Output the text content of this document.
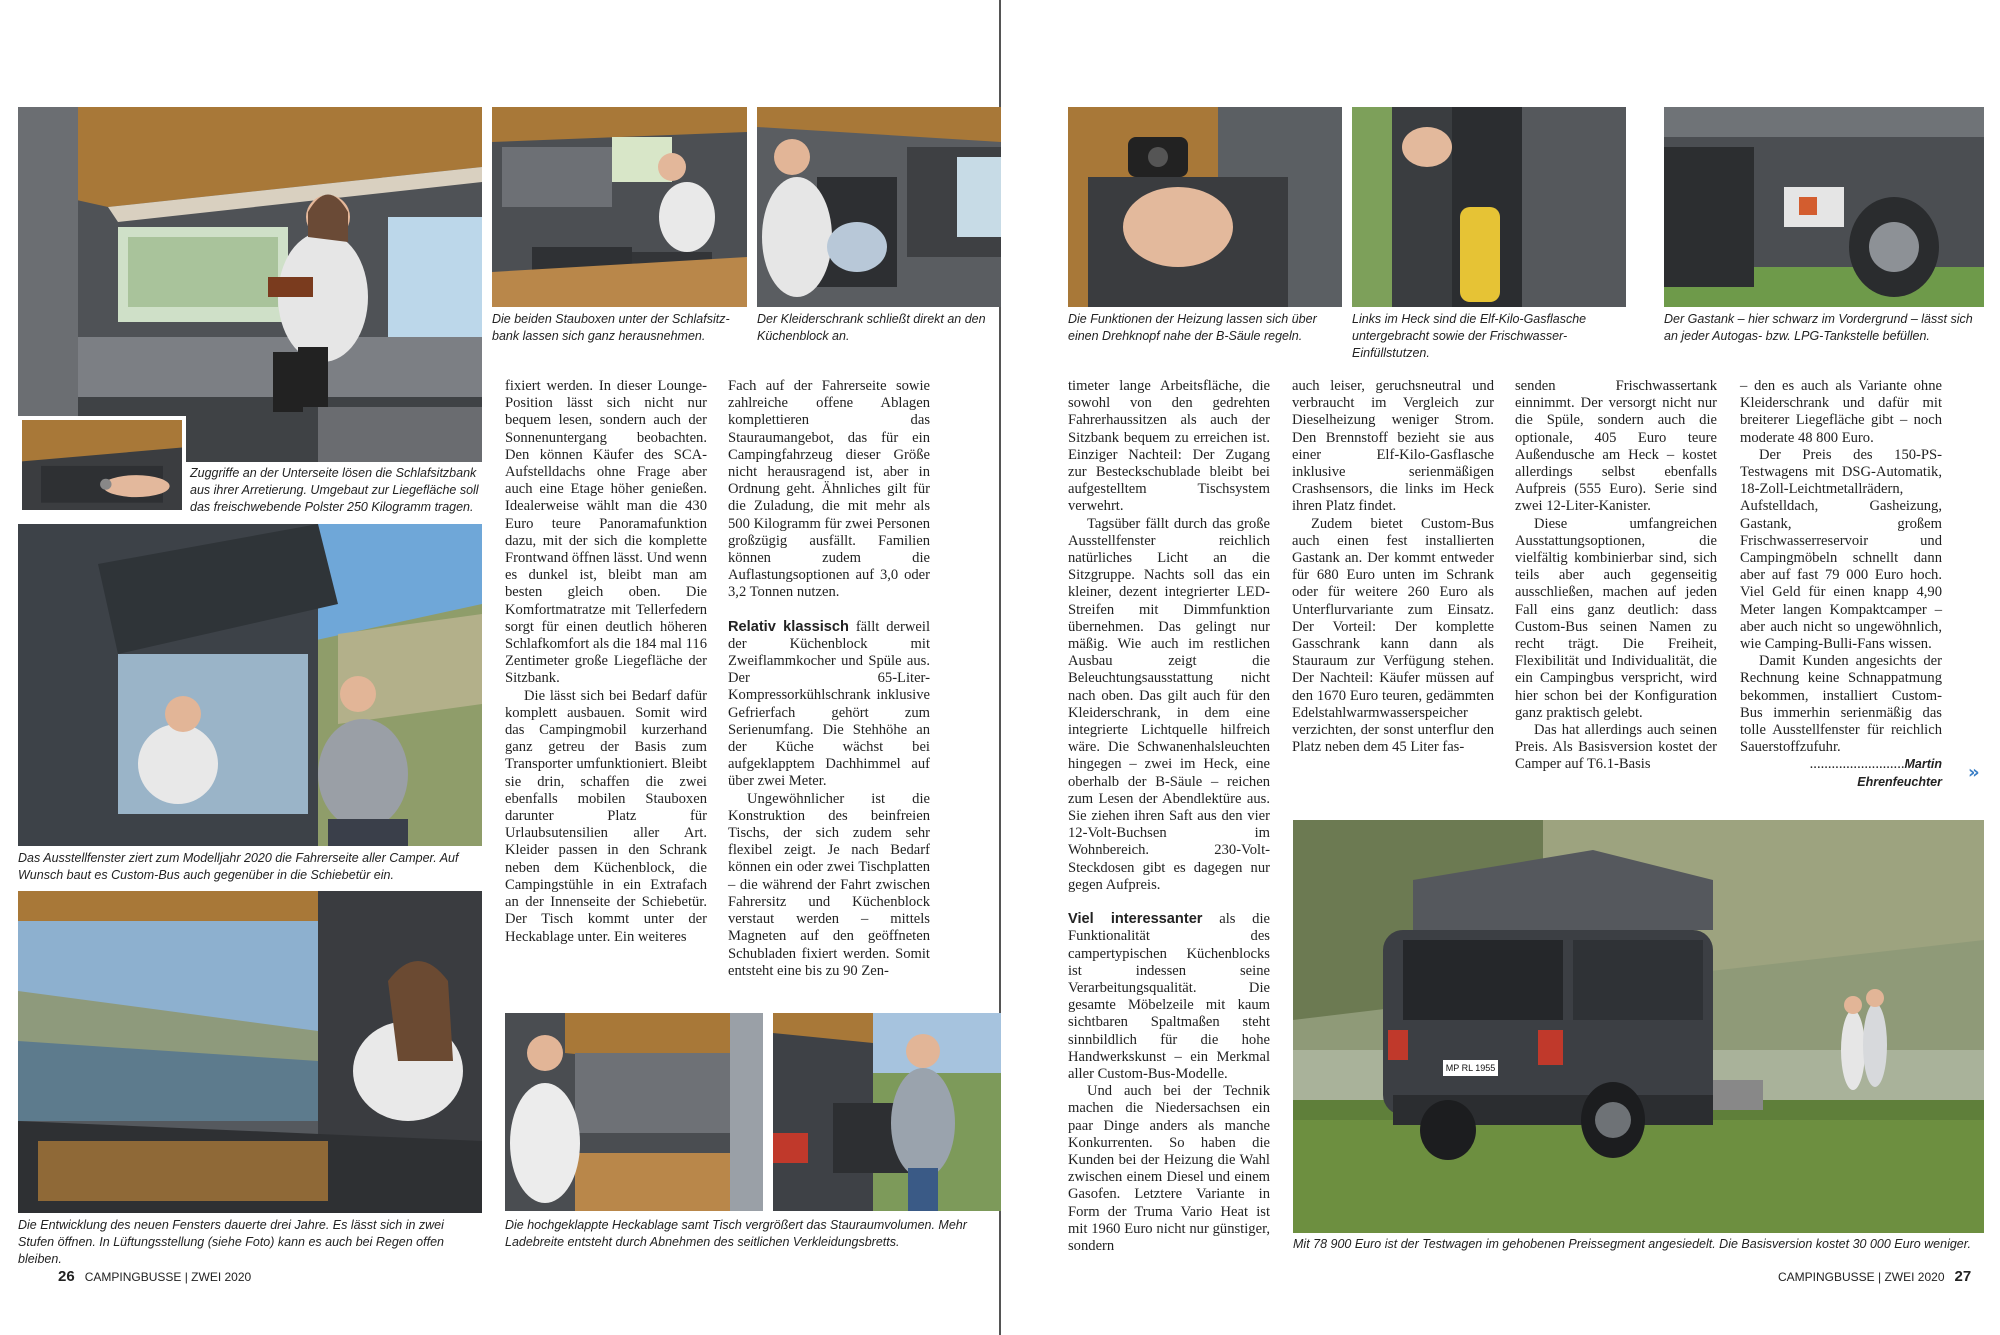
Die beiden Stauboxen unter der Schlafsitz-bank lassen sich ganz herausnehmen.
Der Kleiderschrank schließt direkt an den Küchenblock an.
Zuggriffe an der Unterseite lösen die Schlafsitzbank aus ihrer Arretierung. Umgebaut zur Liegefläche soll das freischwebende Polster 250 Kilogramm tragen.
Das Ausstellfenster ziert zum Modelljahr 2020 die Fahrerseite aller Camper. Auf Wunsch baut es Custom-Bus auch gegenüber in die Schiebetür ein.
Die Entwicklung des neuen Fensters dauerte drei Jahre. Es lässt sich in zwei Stufen öffnen. In Lüftungsstellung (siehe Foto) kann es auch bei Regen offen bleiben.
Die hochgeklappte Heckablage samt Tisch vergrößert das Stauraumvolumen. Mehr Ladebreite entsteht durch Abnehmen des seitlichen Verkleidungsbretts.

fixiert werden. In dieser Lounge-Position lässt sich nicht nur bequem lesen, sondern auch der Sonnenuntergang beobachten. Den können Käufer des SCA-Aufstelldachs ohne Frage aber auch eine Etage höher genießen. Idealerweise wählt man die 430 Euro teure Panoramafunktion dazu, mit der sich die komplette Frontwand öffnen lässt. Und wenn es dunkel ist, bleibt man am besten gleich oben. Die Komfortmatratze mit Tellerfedern sorgt für einen deutlich höheren Schlafkomfort als die 184 mal 116 Zentimeter große Liegefläche der Sitzbank.

Die lässt sich bei Bedarf dafür komplett ausbauen. Somit wird das Campingmobil kurzerhand ganz getreu der Basis zum Transporter umfunktioniert. Bleibt sie drin, schaffen die zwei ebenfalls mobilen Stauboxen darunter Platz für Urlaubsutensilien aller Art. Kleider passen in den Schrank neben dem Küchenblock, die Campingstühle in ein Extrafach an der Innenseite der Schiebetür. Der Tisch kommt unter der Heckablage unter. Ein weiteres

Fach auf der Fahrerseite sowie zahlreiche offene Ablagen komplettieren das Stauraumangebot, das für ein Campingfahrzeug dieser Größe nicht herausragend ist, aber in Ordnung geht. Ähnliches gilt für die Zuladung, die mit mehr als 500 Kilogramm für zwei Personen großzügig ausfällt. Familien können zudem die Auflastungsoptionen auf 3,0 oder 3,2 Tonnen nutzen.

Relativ klassisch fällt derweil der Küchenblock mit Zweiflammkocher und Spüle aus. Der 65-Liter-Kompressorkühlschrank inklusive Gefrierfach gehört zum Serienumfang. Die Stehhöhe an der Küche wächst bei aufgeklapptem Dachhimmel auf über zwei Meter.

Ungewöhnlicher ist die Konstruktion des beinfreien Tischs, der sich zudem sehr flexibel zeigt. Je nach Bedarf können ein oder zwei Tischplatten – die während der Fahrt zwischen Fahrersitz und Küchenblock verstaut werden – mittels Magneten auf den geöffneten Schubladen fixiert werden. Somit entsteht eine bis zu 90 Zen-

26 CAMPINGBUSSE | ZWEI 2020
MP RL 1955
Die Funktionen der Heizung lassen sich über einen Drehknopf nahe der B-Säule regeln.
Links im Heck sind die Elf-Kilo-Gasflasche untergebracht sowie der Frischwasser-Einfüllstutzen.
Der Gastank – hier schwarz im Vordergrund – lässt sich an jeder Autogas- bzw. LPG-Tankstelle befüllen.
Mit 78 900 Euro ist der Testwagen im gehobenen Preissegment angesiedelt. Die Basisversion kostet 30 000 Euro weniger.

timeter lange Arbeitsfläche, die sowohl von den gedrehten Fahrerhaussitzen als auch der Sitzbank bequem zu erreichen ist. Einziger Nachteil: Der Zugang zur Besteckschublade bleibt bei aufgestelltem Tischsystem verwehrt.

Tagsüber fällt durch das große Ausstellfenster reichlich natürliches Licht an die Sitzgruppe. Nachts soll das ein kleiner, dezent integrierter LED-Streifen mit Dimmfunktion übernehmen. Das gelingt nur mäßig. Wie auch im restlichen Ausbau zeigt die Beleuchtungsausstattung nicht nach oben. Das gilt auch für den Kleiderschrank, in dem eine integrierte Lichtquelle hilfreich wäre. Die Schwanenhalsleuchten hingegen – zwei im Heck, eine oberhalb der B-Säule – reichen zum Lesen der Abendlektüre aus. Sie ziehen ihren Saft aus den vier 12-Volt-Buchsen im Wohnbereich. 230-Volt-Steckdosen gibt es dagegen nur gegen Aufpreis.

Viel interessanter als die Funktionalität des campertypischen Küchenblocks ist indessen seine Verarbeitungsqualität. Die gesamte Möbelzeile mit kaum sichtbaren Spaltmaßen steht sinnbildlich für die hohe Handwerkskunst – ein Merkmal aller Custom-Bus-Modelle.

Und auch bei der Technik machen die Niedersachsen ein paar Dinge anders als manche Konkurrenten. So haben die Kunden bei der Heizung die Wahl zwischen einem Diesel und einem Gasofen. Letztere Variante in Form der Truma Vario Heat ist mit 1960 Euro nicht nur günstiger, sondern

auch leiser, geruchsneutral und verbraucht im Vergleich zur Dieselheizung weniger Strom. Den Brennstoff bezieht sie aus einer Elf-Kilo-Gasflasche inklusive serienmäßigen Crashsensors, die links im Heck ihren Platz findet.

Zudem bietet Custom-Bus auch einen fest installierten Gastank an. Der kommt entweder für 680 Euro unten im Schrank oder für weitere 260 Euro als Unterflurvariante zum Einsatz. Der Vorteil: Der komplette Gasschrank kann dann als Stauraum zur Verfügung stehen. Der Nachteil: Käufer müssen auf den 1670 Euro teuren, gedämmten Edelstahlwarmwasserspeicher verzichten, der sonst unterflur den Platz neben dem 45 Liter fas-

senden Frischwassertank einnimmt. Der versorgt nicht nur die Spüle, sondern auch die optionale, 405 Euro teure Außendusche am Heck – kostet allerdings selbst ebenfalls Aufpreis (555 Euro). Serie sind zwei 12-Liter-Kanister.

Diese umfangreichen Ausstattungsoptionen, die vielfältig kombinierbar sind, sich teils aber auch gegenseitig ausschließen, machen auf jeden Fall eins ganz deutlich: dass Custom-Bus seinen Namen zu recht trägt. Die Freiheit, Flexibilität und Individualität, die ein Campingbus verspricht, wird hier schon bei der Konfiguration ganz praktisch gelebt.

Das hat allerdings auch seinen Preis. Als Basisversion kostet der Camper auf T6.1-Basis

– den es auch als Variante ohne Kleiderschrank und dafür mit breiterer Liegefläche gibt – noch moderate 48 800 Euro.

Der Preis des 150-PS-Testwagens mit DSG-Automatik, 18-Zoll-Leichtmetallrädern, Aufstelldach, Gasheizung, Gastank, großem Frischwasserreservoir und Campingmöbeln schnellt dann aber auf fast 79 000 Euro hoch. Viel Geld für einen knapp 4,90 Meter langen Kompaktcamper – aber auch nicht so ungewöhnlich, wie Camping-Bulli-Fans wissen.

Damit Kunden angesichts der Rechnung keine Schnappatmung bekommen, installiert Custom-Bus immerhin serienmäßig das tolle Ausstellfenster für reichlich Sauerstoffzufuhr.

..........................Martin Ehrenfeuchter »
CAMPINGBUSSE | ZWEI 2020 27
